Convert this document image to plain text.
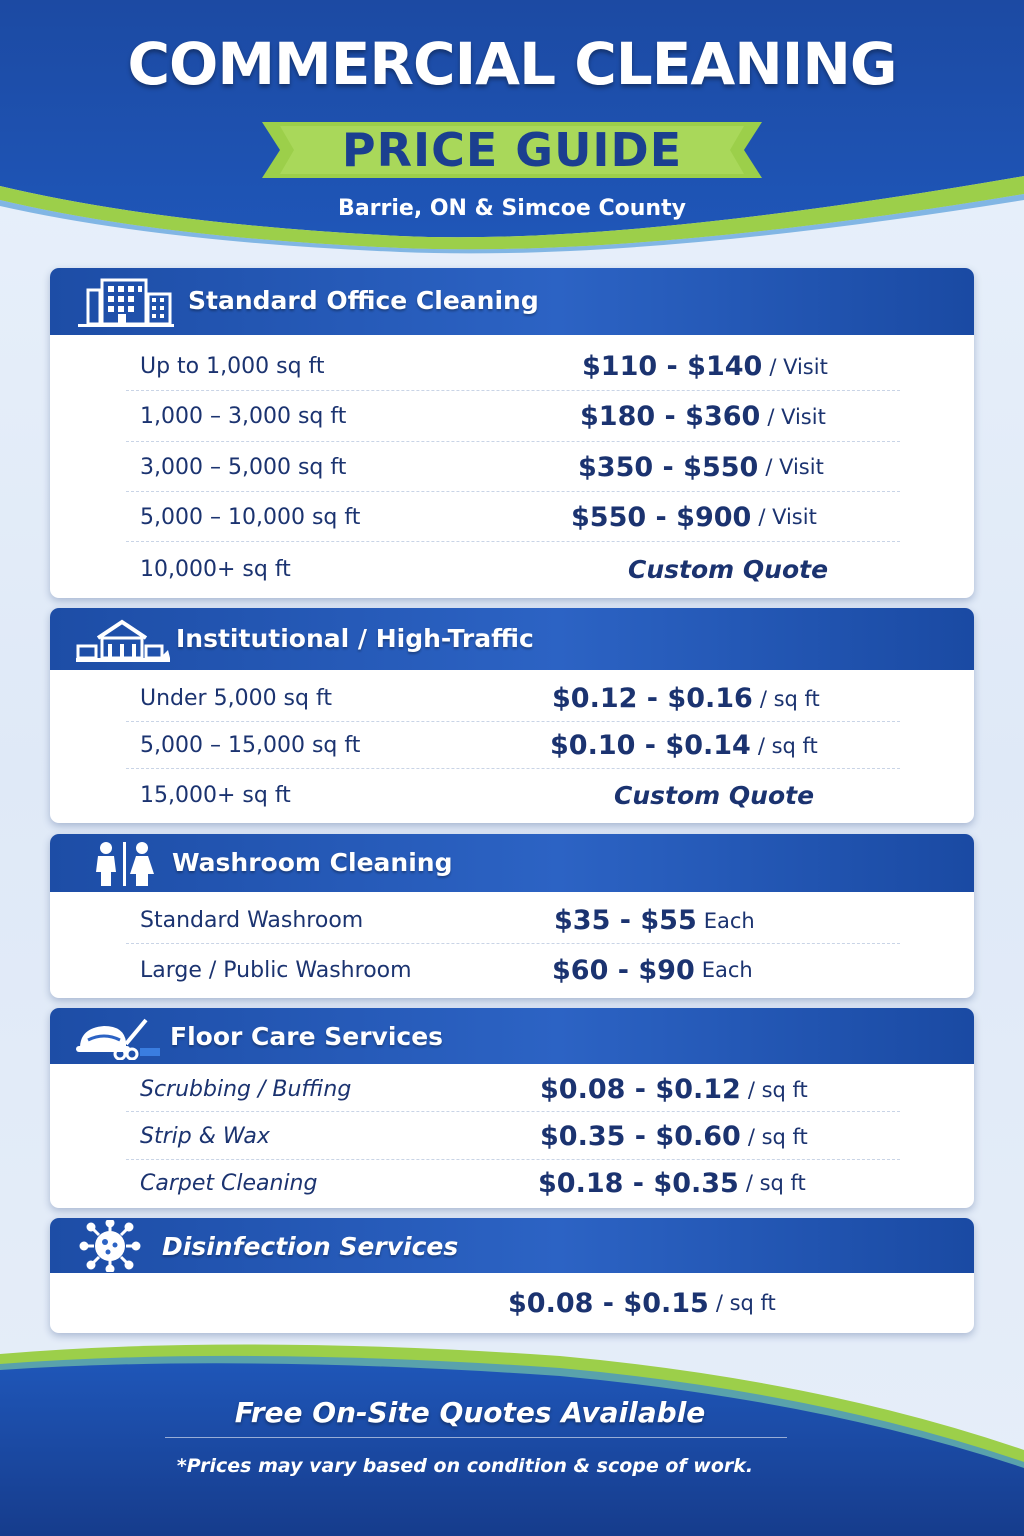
COMMERCIAL CLEANING
PRICE GUIDE
Barrie, ON & Simcoe County
Standard Office Cleaning
Up to 1,000 sq ft	$110 - $140 / Visit
1,000 – 3,000 sq ft	$180 - $360 / Visit
3,000 – 5,000 sq ft	$350 - $550 / Visit
5,000 – 10,000 sq ft	$550 - $900 / Visit
10,000+ sq ft	Custom Quote
Institutional / High-Traffic
Under 5,000 sq ft	$0.12 - $0.16 / sq ft
5,000 – 15,000 sq ft	$0.10 - $0.14 / sq ft
15,000+ sq ft	Custom Quote
Washroom Cleaning
Standard Washroom	$35 - $55 Each
Large / Public Washroom	$60 - $90 Each
Floor Care Services
Scrubbing / Buffing	$0.08 - $0.12 / sq ft
Strip & Wax	$0.35 - $0.60 / sq ft
Carpet Cleaning	$0.18 - $0.35 / sq ft
Disinfection Services
$0.08 - $0.15 / sq ft
Free On-Site Quotes Available
*Prices may vary based on condition & scope of work.
